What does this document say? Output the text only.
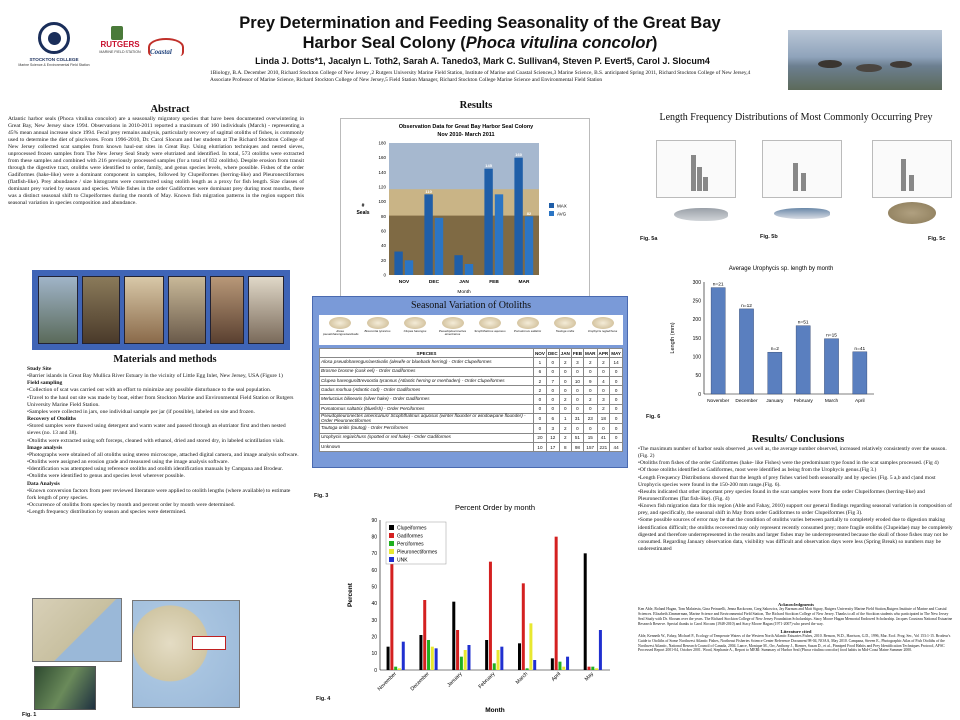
STOCKTON COLLEGE
Marine Science & Environmental Field Station
RUTGERS
MARINE FIELD STATION	Coastal
Prey Determination and Feeding Seasonality of the Great Bay
Harbor Seal Colony (Phoca vitulina concolor)
Linda J. Dotts*1, Jacalyn L. Toth2, Sarah A. Tanedo3, Mark C. Sullivan4, Steven P. Evert5, Carol J. Slocum4
1Biology, B.A. December 2010, Richard Stockton College of New Jersey ,2 Rutgers University Marine Field Station, Institute of Marine and Coastal Sciences,3 Marine Science, B.S. anticipated Spring 2011, Richard Stockton College of New Jersey,4 Associate Professor of Marine Science, Richard Stockton College of New Jersey,5 Field Station Manager, Richard Stockton College Marine Science and Environmental Field Station
Abstract
Atlantic harbor seals (Phoca vitulina concolor) are a seasonally migratory species that have been documented overwintering in Great Bay, New Jersey since 1994. Observations in 2010-2011 reported a maximum of 160 individuals (March) - representing a 45% mean annual increase since 1994. Fecal prey remains analysis, particularly recovery of sagittal otoliths of fishes, is commonly used to determine the diet of piscivores. From 1996-2010, Dr. Carol Slocum and her students at The Richard Stockton College of New Jersey collected scat samples from known haul-out sites in Great Bay. Using elutriation techniques and nested sieves, unprocessed frozen samples from The New Jersey Seal Study were elutriated and identified. In total, 573 otoliths were extracted from these samples and combined with 216 previously processed samples (for a total of 832 otoliths). Despite erosion from transit through the digestive tract, otoliths were identified to order, family, and genus species levels, where possible. Fishes of the order Gadiformes (hake-like) were a dominant component in samples, followed by Clupeiformes (herring-like) and Pleuronectiformes (flatfish-like). Prey abundance / size histograms were constructed using otolith length as a proxy for fish length. Size classes of dominant prey varied by season and species. While fishes in the order Gadiformes were dominant prey during most months, there was a distinct seasonal shift to Clupeiformes during the month of May. Known fish migration patterns in the region support this seasonal variation in species composition and abundance.
Materials and methods
Study Site
•Barrier islands in Great Bay Mullica River Estuary in the vicinity of Little Egg Inlet, New Jersey, USA (Figure 1)
Field sampling
•Collection of scat was carried out with an effort to minimize any possible disturbance to the seal population.
•Travel to the haul out site was made by boat, either from Stockton Marine and Environmental Field Station or Rutgers University Marine Field Station.
•Samples were collected in jars, one individual sample per jar (if possible), labeled on site and frozen.
Recovery of Otoliths
•Stored samples were thawed using detergent and warm water and passed through an elutriator first and then nested sieves (no. 13 and 38).
•Otoliths were extracted using soft forceps, cleaned with ethanol, dried and stored dry, in labeled scintillation vials.
Image analysis
•Photographs were obtained of all otoliths using stereo microscope, attached digital camera, and image analysis software.
•Otoliths were assigned an erosion grade and measured using the image analysis software.
•Identification was attempted using reference otoliths and otolith identification manuals by Campana and Brodeur.
•Otoliths were identified to genus and species level wherever possible.
Data Analysis
•Known conversion factors from peer reviewed literature were applied to otolith lengths (where available) to estimate fork length of prey species.
•Occurrence of otoliths from species by month and percent order by month were determined.
•Length frequency distribution by season and species were determined.
Fig. 1
Results
Observation Data for Great Bay Harbor Seal Colony
Nov 2010- March 2011
0
20
40
60
80
100
120
140
160
180
#
Seals
NOV
110
DEC	JAN
145
FEB
160
82
MAR
Month
MAX
AVG
Seasonal Variation of Otoliths
Alosa pseudoharengus/aestivalis
Brevoortia tyrannus	Clupea harengus	Pseudopleuronectes americanus
Scophthalmus aquosus	Pomatomus saltatrix	Tautoga onitis	Urophycis regia/chuss
SPECIES	NOV	DEC	JAN	FEB	MAR	APR	MAY
Alosa pseudoharengus/aestivalis (alewife or blueback herring) - Order Clupeiformes	1	0	2	3	2	2	14
Brosme brosme (cusk eel) - Order Gadiformes	6	0	0	0	0	0	0
Clupea harengus/Brevoortia tyrannus (Atlantic herring or menhaden) - Order Clupeiformes	2	7	0	10	9	4	0
Gadus morhua (Atlantic cod) - Order Gadiformes	2	0	0	0	0	0	0
Merluccius bilinearis (silver hake) - Order Gadiformes	0	0	2	0	2	3	0
Pomatomus saltatrix (bluefish) - Order Perciformes	0	0	0	0	0	2	0
Pseudopleuronectes americanus/ Scophthalmus aquosus (winter flounder or windowpane flounder) - Order Pleuronectiformes	0	6	1	31	23	18	0
Tautoga onitis (tautog) - Order Perciformes	0	3	2	0	0	0	0
Urophycis regia/chuss (spotted or red hake) - Order Gadiformes	20	12	2	51	15	41	0
Unknown	10	17	8	98	157	221	44
Fig. 3
Percent Order by month
0
10
20
30
40
50
60
70
80
90
Percent
November December	January	February	March	April	May
Month
Clupeiformes
Gadiformes
Perciformes
Pleuronectiformes
UNK
Fig. 4
Length Frequency Distributions of Most Commonly Occurring Prey
Fig. 5a	Fig. 5b	Fig. 5c
Average Urophycis sp. length by month
0
50
100
150
200
250
300
Length (mm)
n=21
November
n=12
December
n=2
January
n=51
February
n=15
March
n=41
April
Fig. 6
Results/ Conclusions
•The maximum number of harbor seals observed ,as well as, the average number observed, increased relatively consistently over the season. (Fig. 2)
•Otoliths from fishes of the order Gadiformes (hake- like Fishes) were the predominant type found in the scat samples processed. (Fig 4)
•Of those otoliths identified as Gadiformes, most were identified as being from the Urophycis genus.(Fig 3.)
•Length Frequency Distributions showed that the length of prey fishes varied both seasonally and by species (Fig. 5 a,b and c)and most Urophycis species were found in the 150-200 mm range.(Fig. 6).
•Results indicated that other important prey species found in the scat samples were from the order Clupeiformes (herring-like) and Pleuronectiformes (flat fish-like). (Fig. 4)
•Known fish migration data for this region (Able and Fahay, 2010) support our general findings regarding seasonal variation in composition of prey, and specifically, the seasonal shift in May from order Gadiformes to order Clupeiformes (Fig 3).
•Some possible sources of error may be that the condition of otoliths varies between partially to completely eroded due to digestion making identification difficult; the otoliths recovered may only represent recently consumed prey; more fragile otoliths (Clupeidae) may be completely digested and therefore underrepresented in the results and larger fishes may be underrepresented because the skull of those fishes may not be consumed. Regarding January observation data, visibility was difficult and observation days were less (Spring Break) so numbers may be underestimated
Acknowledgments
Ken Able, Roland Hagan, Tom Malatesta, Gina Petruzelli, Jenna Rackovan, Greg Sakowicz, Jay Barnum and Matt Sigray, Rutgers University Marine Field Station,Rutgers Institute of Marine and Coastal Sciences. Elizabeth Zimmerman, Marine Science and Environmental Field Station, The Richard Stockton College of New Jersey. Thanks to all of the Stockton students who participated in The New Jersey Seal Study with Dr. Slocum over the years. The Richard Stockton College of New Jersey Foundation Scholarships. Stacy Moore Hagan Memorial Endowed Scholarship. Jacques Cousteau National Estuarine Research Reserve. Special thanks to Carol Slocum (1948-2010) and Stacy Moore Hagan (1971-2007) who paved the way.
Literature cited
Able, Kenneth W., Fahay, Michael P., Ecology of Temperate Waters of the Western North Atlantic Estuaries Fishes, 2010. Benson, W.D., Harrison, G.D., 1996, Mar. Ecol. Prog. Ser., Vol 153:1-15. Brodeur's Guide to Otoliths of Some Northwest Atlantic Fishes, Northeast Fisheries Science Center Reference Document 98-04, NOAA, May 2010. Campana, Steven E., Photographic Atlas of Fish Otoliths of the Northwest Atlantic, National Research Council of Canada, 2004. Lance, Monique M., Orr, Anthony J., Riemer, Susan D., et al., Pinniped Food Habits and Prey Identification Techniques Protocol, AFSC Processed Report 2001-04, October 2001. Wood, Stephanie A., Report to MERI: Summary of Harbor Seal (Phoca vitulina concolor) food habits in Mid-Coast Maine Summer 2000.
